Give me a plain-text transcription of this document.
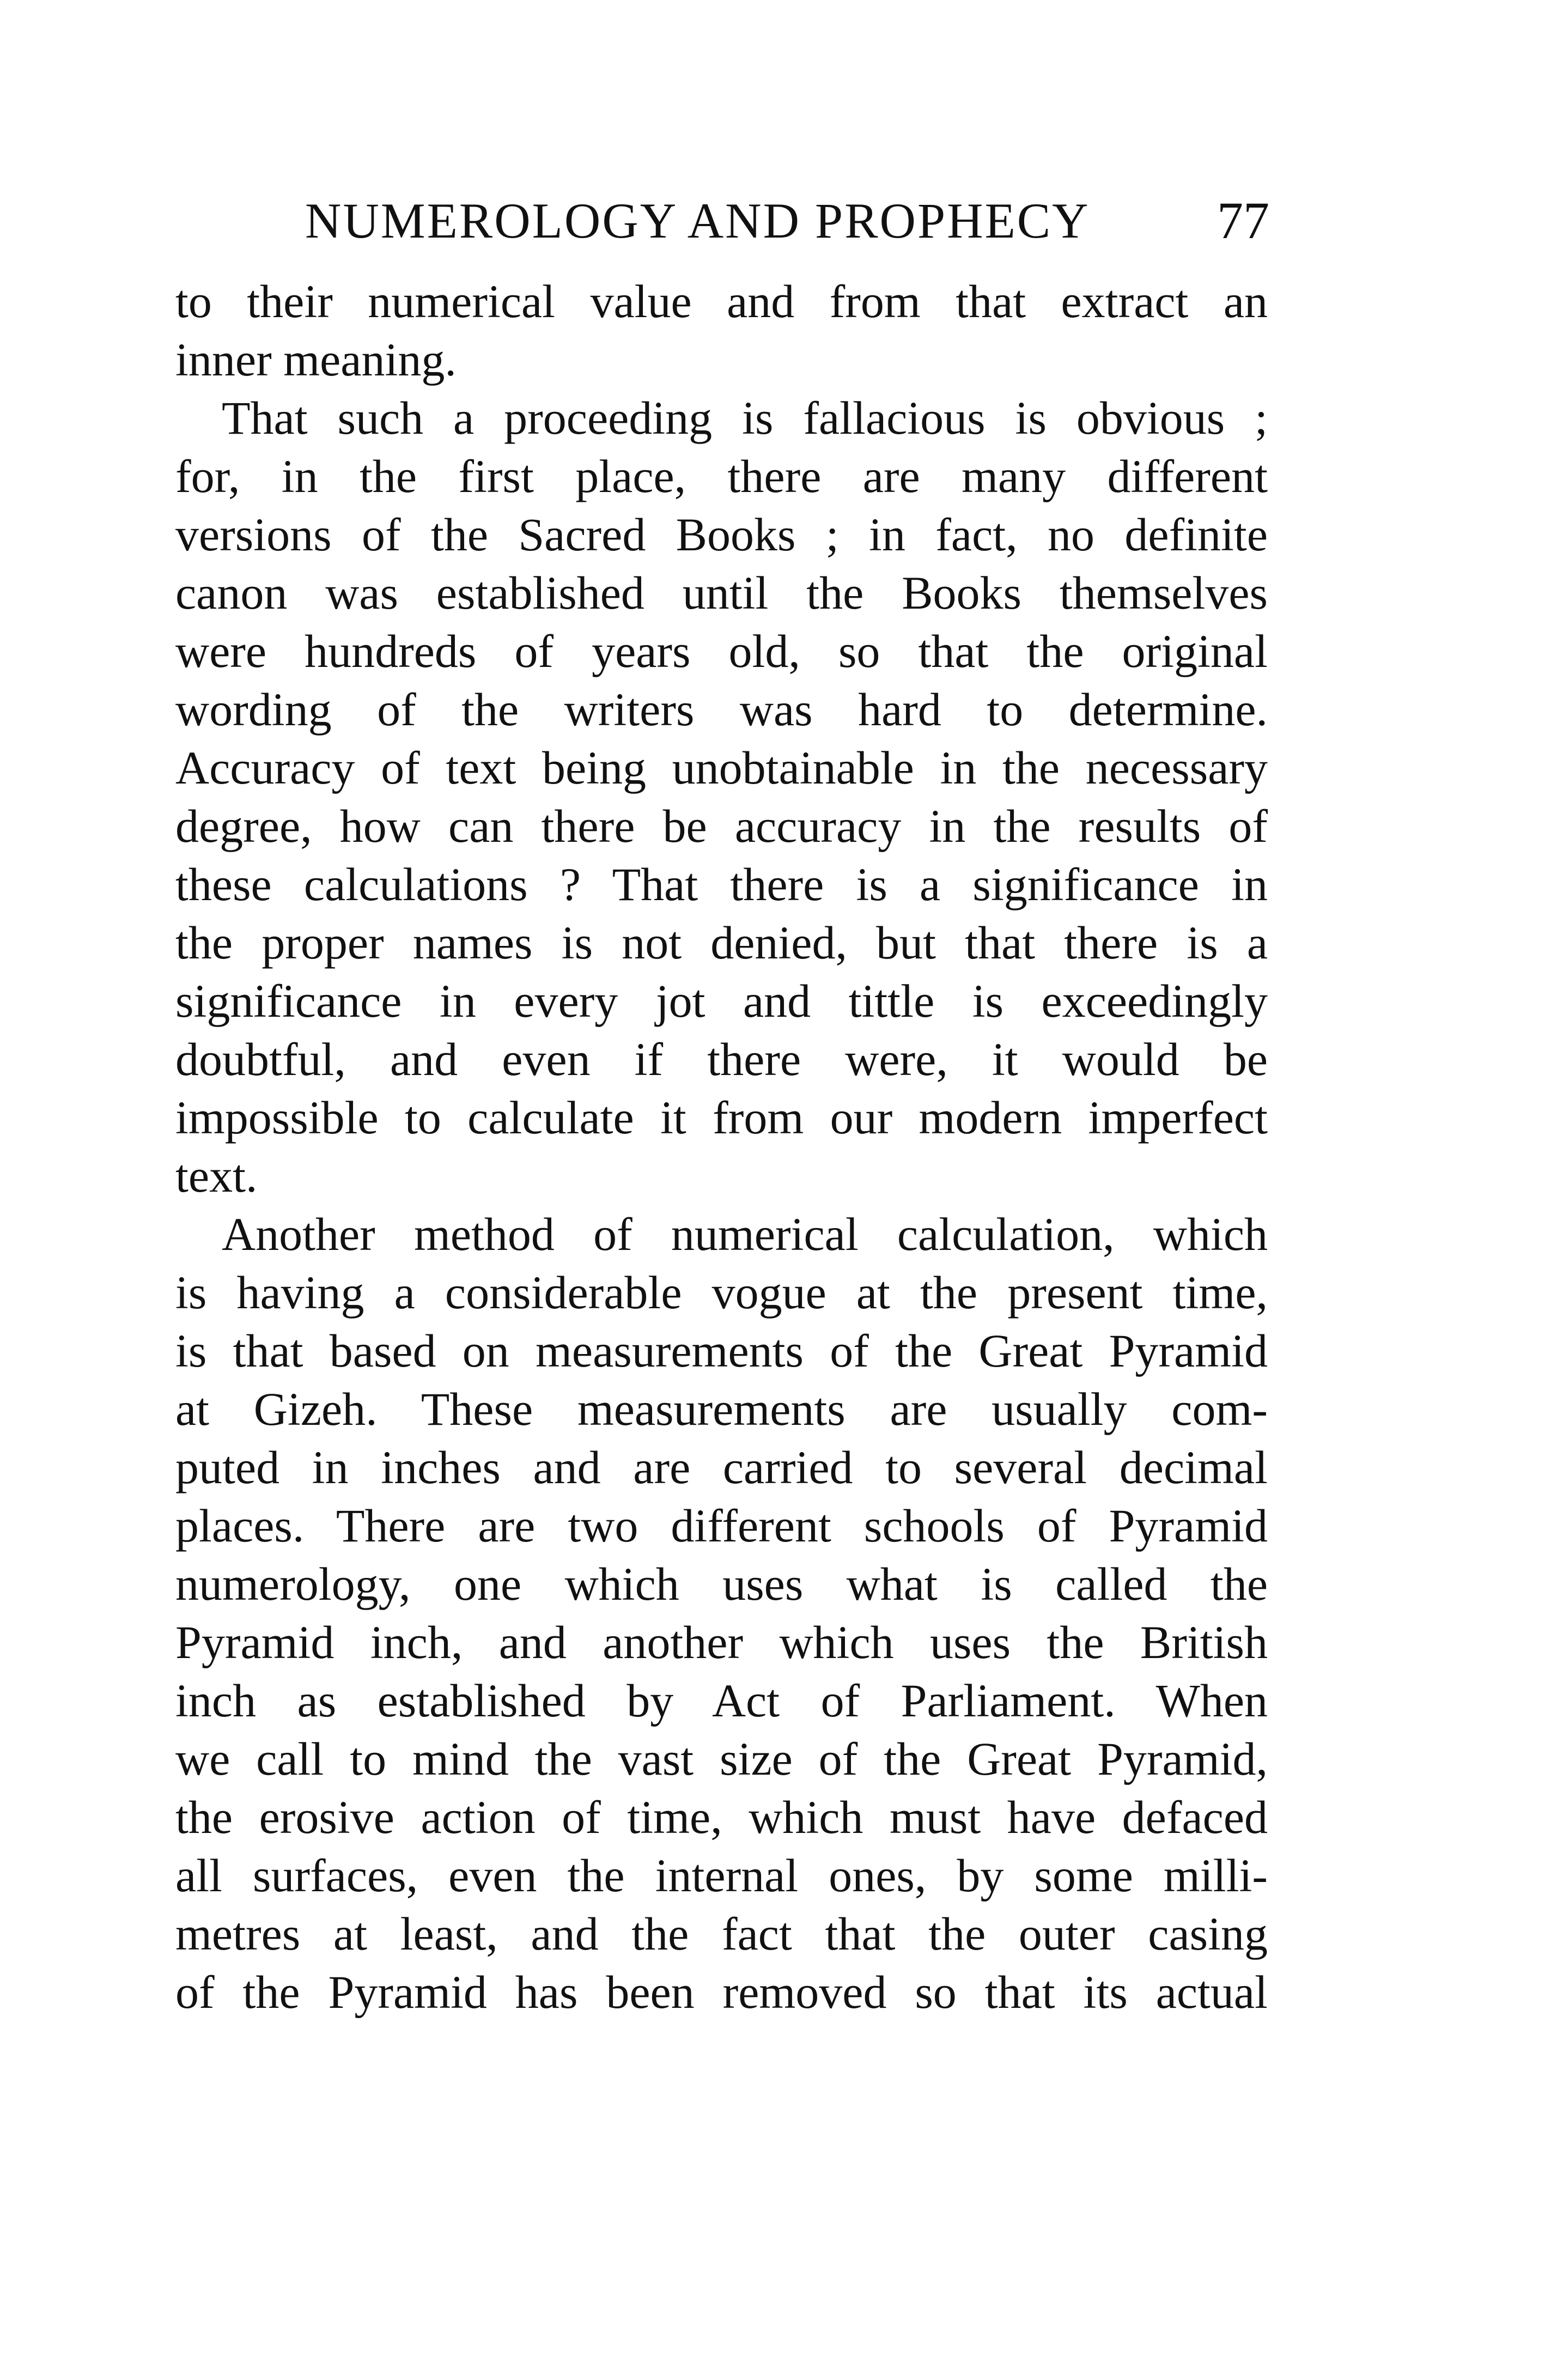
NUMEROLOGY AND PROPHECY 77
to their numerical value and from that extract an
inner meaning.
That such a proceeding is fallacious is obvious ;
for, in the first place, there are many different
versions of the Sacred Books ; in fact, no definite
canon was established until the Books themselves
were hundreds of years old, so that the original
wording of the writers was hard to determine.
Accuracy of text being unobtainable in the necessary
degree, how can there be accuracy in the results of
these calculations ? That there is a significance in
the proper names is not denied, but that there is a
significance in every jot and tittle is exceedingly
doubtful, and even if there were, it would be
impossible to calculate it from our modern imperfect
text.
Another method of numerical calculation, which
is having a considerable vogue at the present time,
is that based on measurements of the Great Pyramid
at Gizeh. These measurements are usually com-
puted in inches and are carried to several decimal
places. There are two different schools of Pyramid
numerology, one which uses what is called the
Pyramid inch, and another which uses the British
inch as established by Act of Parliament. When
we call to mind the vast size of the Great Pyramid,
the erosive action of time, which must have defaced
all surfaces, even the internal ones, by some milli-
metres at least, and the fact that the outer casing
of the Pyramid has been removed so that its actual
